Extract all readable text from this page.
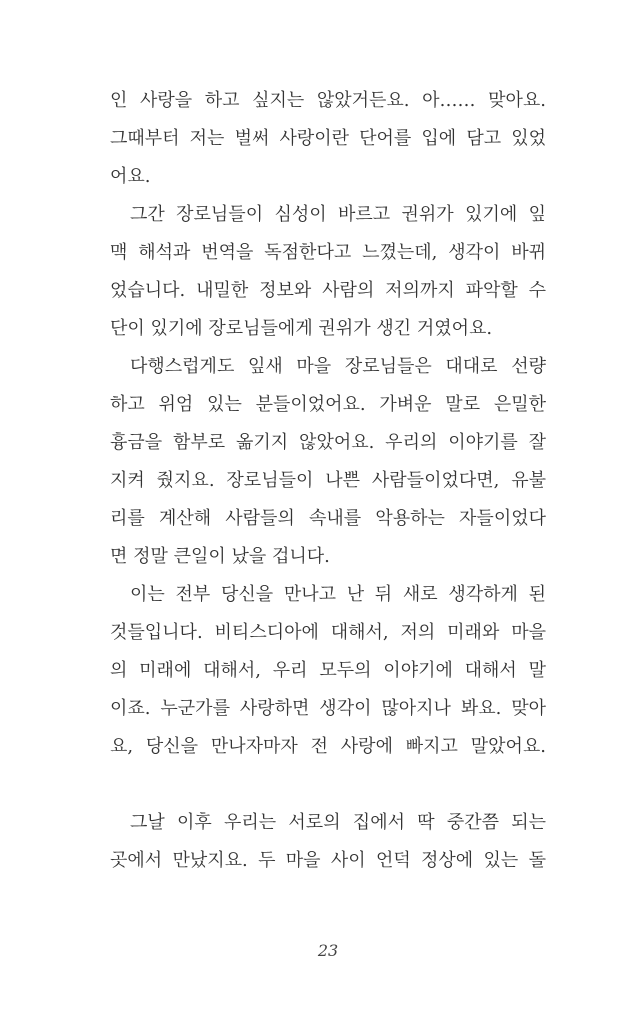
인 사랑을 하고 싶지는 않았거든요. 아…… 맞아요.
그때부터 저는 벌써 사랑이란 단어를 입에 담고 있었
어요.
그간 장로님들이 심성이 바르고 권위가 있기에 잎
맥 해석과 번역을 독점한다고 느꼈는데, 생각이 바뀌
었습니다. 내밀한 정보와 사람의 저의까지 파악할 수
단이 있기에 장로님들에게 권위가 생긴 거였어요.
다행스럽게도 잎새 마을 장로님들은 대대로 선량
하고 위엄 있는 분들이었어요. 가벼운 말로 은밀한
흉금을 함부로 옮기지 않았어요. 우리의 이야기를 잘
지켜 줬지요. 장로님들이 나쁜 사람들이었다면, 유불
리를 계산해 사람들의 속내를 악용하는 자들이었다
면 정말 큰일이 났을 겁니다.
이는 전부 당신을 만나고 난 뒤 새로 생각하게 된
것들입니다. 비티스디아에 대해서, 저의 미래와 마을
의 미래에 대해서, 우리 모두의 이야기에 대해서 말
이죠. 누군가를 사랑하면 생각이 많아지나 봐요. 맞아
요, 당신을 만나자마자 전 사랑에 빠지고 말았어요.
그날 이후 우리는 서로의 집에서 딱 중간쯤 되는
곳에서 만났지요. 두 마을 사이 언덕 정상에 있는 돌
23
